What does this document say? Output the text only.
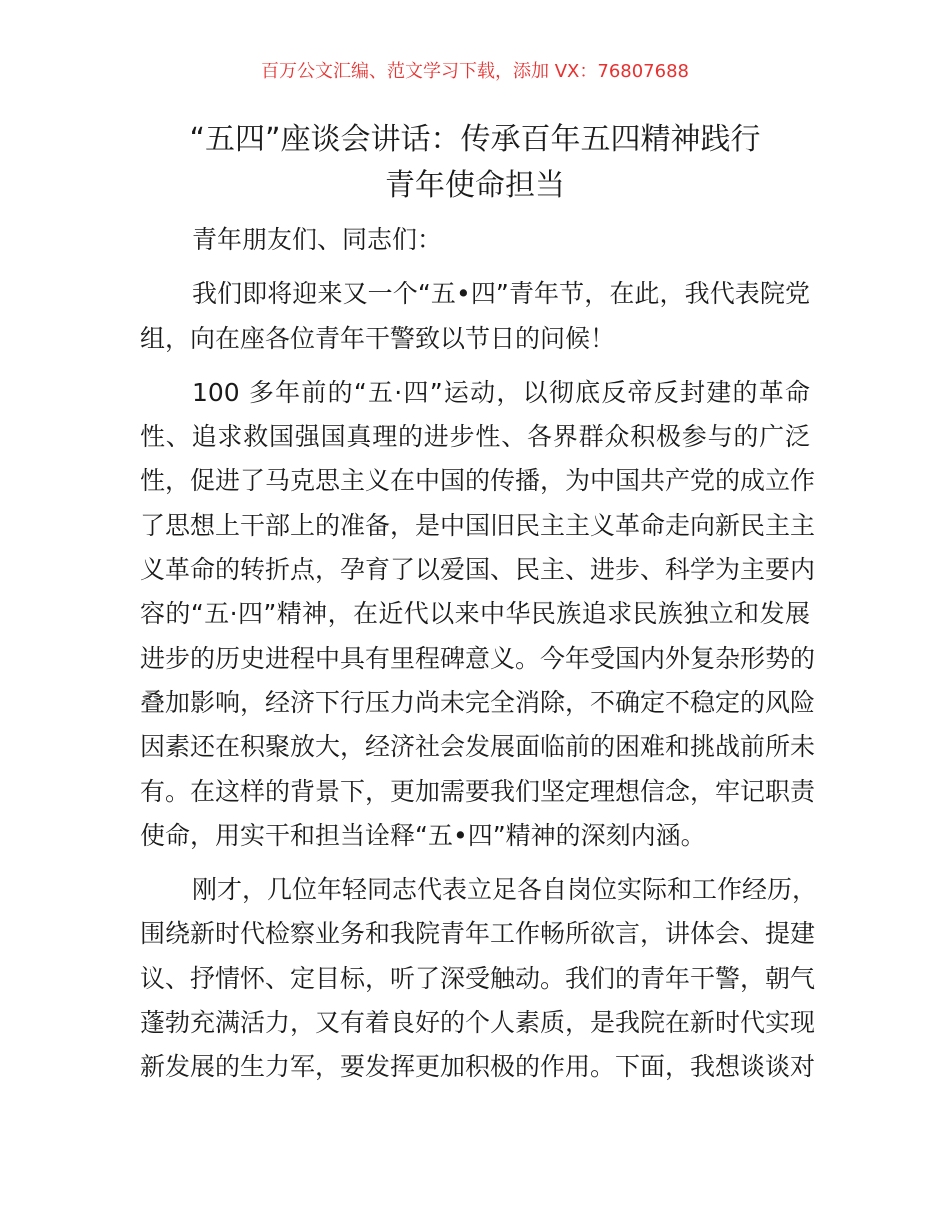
百万公文汇编、范文学习下载，添加 VX：76807688
“五四”座谈会讲话：传承百年五四精神践行
青年使命担当
青年朋友们、同志们：
我们即将迎来又一个“五•四”青年节，在此，我代表院党
组，向在座各位青年干警致以节日的问候！
100 多年前的“五·四”运动，以彻底反帝反封建的革命
性、追求救国强国真理的进步性、各界群众积极参与的广泛
性，促进了马克思主义在中国的传播，为中国共产党的成立作
了思想上干部上的准备，是中国旧民主主义革命走向新民主主
义革命的转折点，孕育了以爱国、民主、进步、科学为主要内
容的“五·四”精神，在近代以来中华民族追求民族独立和发展
进步的历史进程中具有里程碑意义。今年受国内外复杂形势的
叠加影响，经济下行压力尚未完全消除，不确定不稳定的风险
因素还在积聚放大，经济社会发展面临前的困难和挑战前所未
有。在这样的背景下，更加需要我们坚定理想信念，牢记职责
使命，用实干和担当诠释“五•四”精神的深刻内涵。
刚才，几位年轻同志代表立足各自岗位实际和工作经历，
围绕新时代检察业务和我院青年工作畅所欲言，讲体会、提建
议、抒情怀、定目标，听了深受触动。我们的青年干警，朝气
蓬勃充满活力，又有着良好的个人素质，是我院在新时代实现
新发展的生力军，要发挥更加积极的作用。下面，我想谈谈对
